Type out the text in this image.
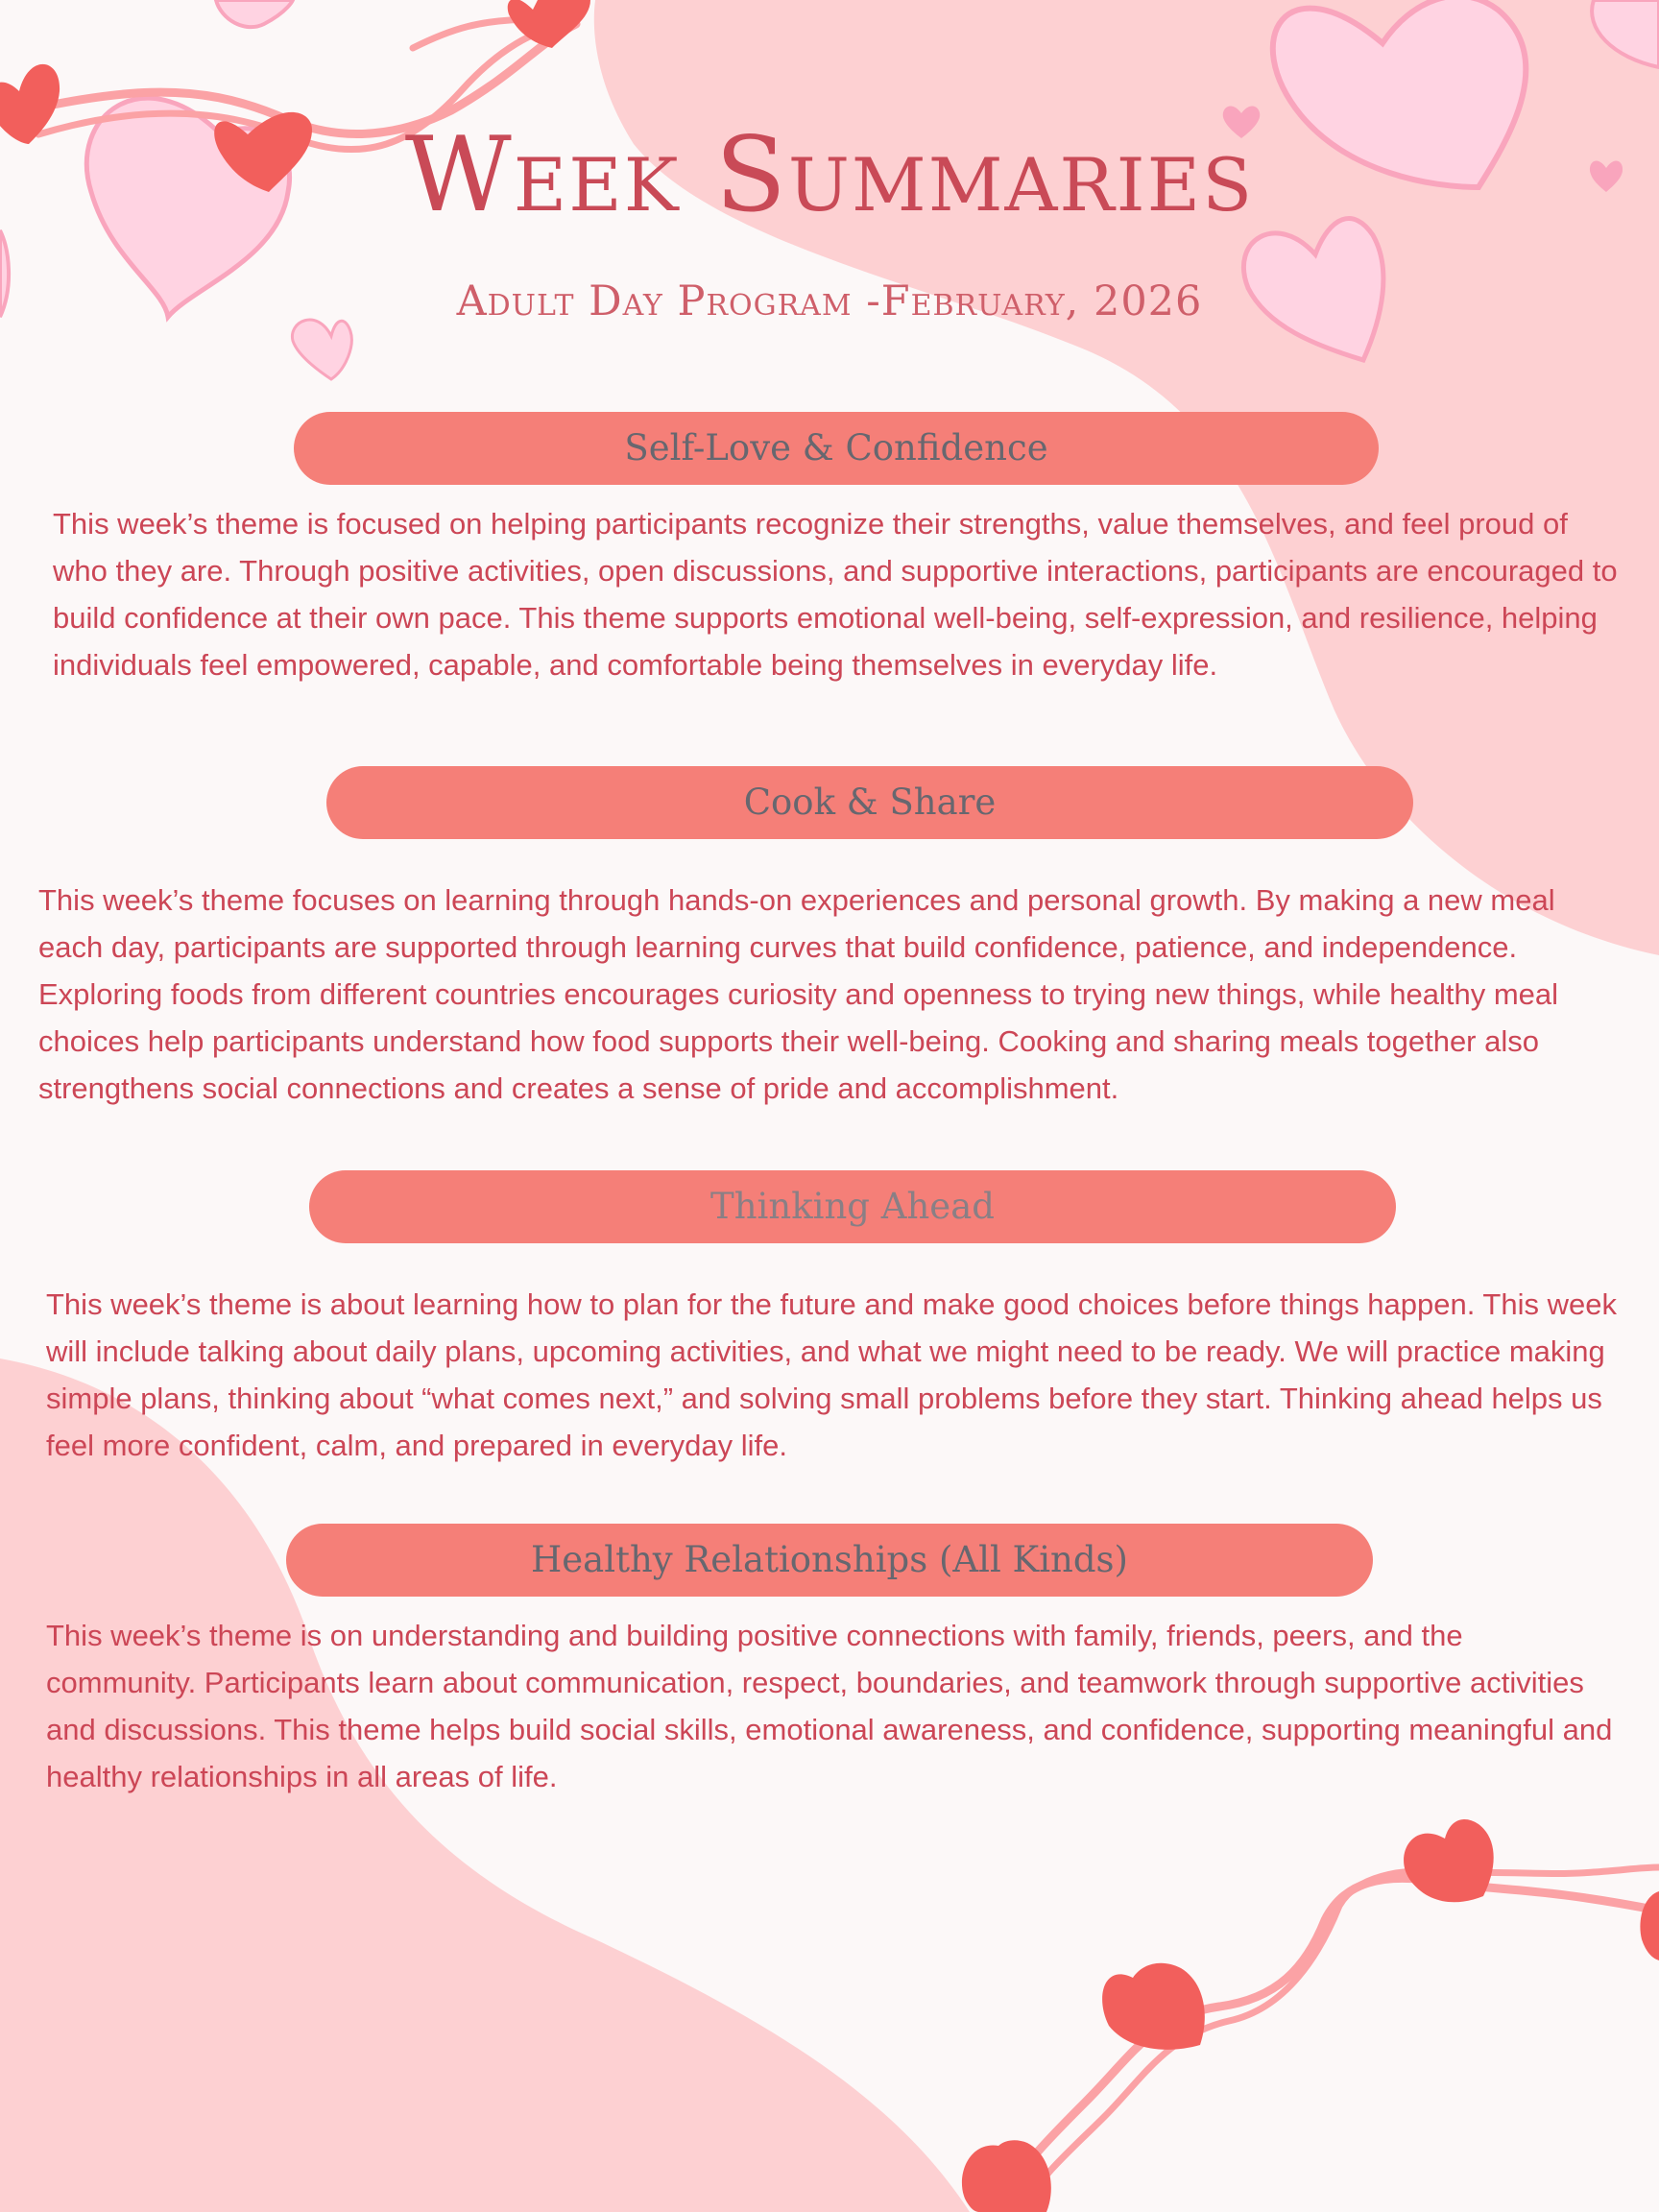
Week Summaries
Adult Day Program -February, 2026
Self-Love & Confidence

This week’s theme is focused on helping participants recognize their strengths, value themselves, and feel proud of who they are. Through positive activities, open discussions, and supportive interactions, participants are encouraged to build confidence at their own pace. This theme supports emotional well-being, self-expression, and resilience, helping individuals feel empowered, capable, and comfortable being themselves in everyday life.

Cook & Share

This week’s theme focuses on learning through hands-on experiences and personal growth. By making a new meal each day, participants are supported through learning curves that build confidence, patience, and independence. Exploring foods from different countries encourages curiosity and openness to trying new things, while healthy meal choices help participants understand how food supports their well-being. Cooking and sharing meals together also strengthens social connections and creates a sense of pride and accomplishment.

Thinking Ahead

This week’s theme is about learning how to plan for the future and make good choices before things happen. This week will include talking about daily plans, upcoming activities, and what we might need to be ready. We will practice making simple plans, thinking about “what comes next,” and solving small problems before they start. Thinking ahead helps us feel more confident, calm, and prepared in everyday life.

Healthy Relationships (All Kinds)

This week’s theme is on understanding and building positive connections with family, friends, peers, and the community. Participants learn about communication, respect, boundaries, and teamwork through supportive activities and discussions. This theme helps build social skills, emotional awareness, and confidence, supporting meaningful and healthy relationships in all areas of life.
